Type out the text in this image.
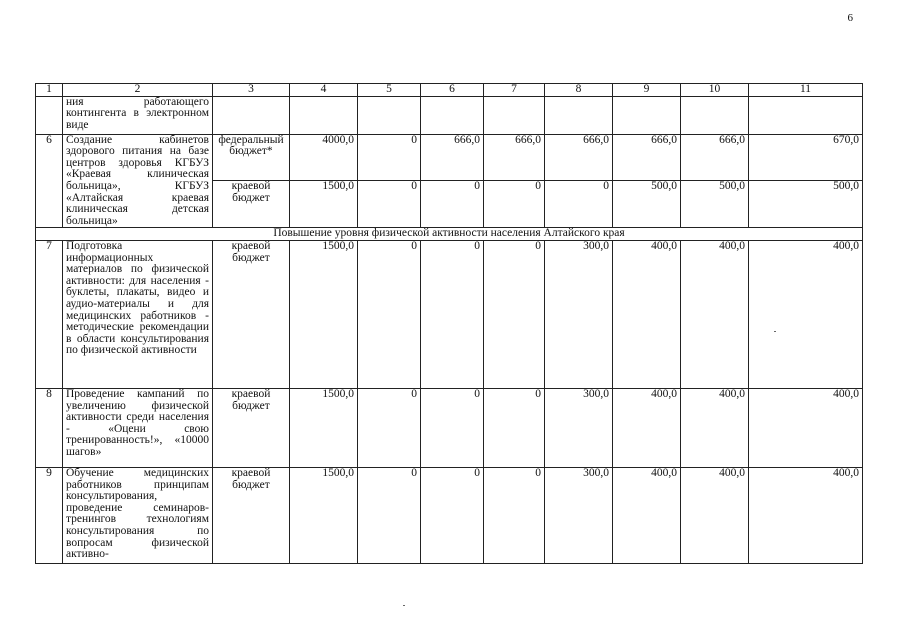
6
1	2	3	4	5	6	7	8	9	10	11
	ния работающего контингента в электронном виде									
6	Создание кабинетов здорового питания на базе центров здоровья КГБУЗ «Краевая клиническая больница», КГБУЗ «Алтайская краевая клиническая детская больница»	федеральный бюджет*	4000,0	0	666,0	666,0	666,0	666,0	666,0	670,0
		краевой бюджет	1500,0	0	0	0	0	500,0	500,0	500,0
Повышение уровня физической активности населения Алтайского края										
7	Подготовка информационных материалов по физической активности: для населения - буклеты, плакаты, видео и аудио-материалы и для медицинских работников - методические рекомендации в области консультирования по физической активности	краевой бюджет	1500,0	0	0	0	300,0	400,0	400,0	400,0
8	Проведение кампаний по увеличению физической активности среди населения - «Оцени свою тренированность!», «10000 шагов»	краевой бюджет	1500,0	0	0	0	300,0	400,0	400,0	400,0
9	Обучение медицинских работников принципам консультирования, проведение семинаров-тренингов технологиям консультирования по вопросам физической активно-	краевой бюджет	1500,0	0	0	0	300,0	400,0	400,0	400,0
